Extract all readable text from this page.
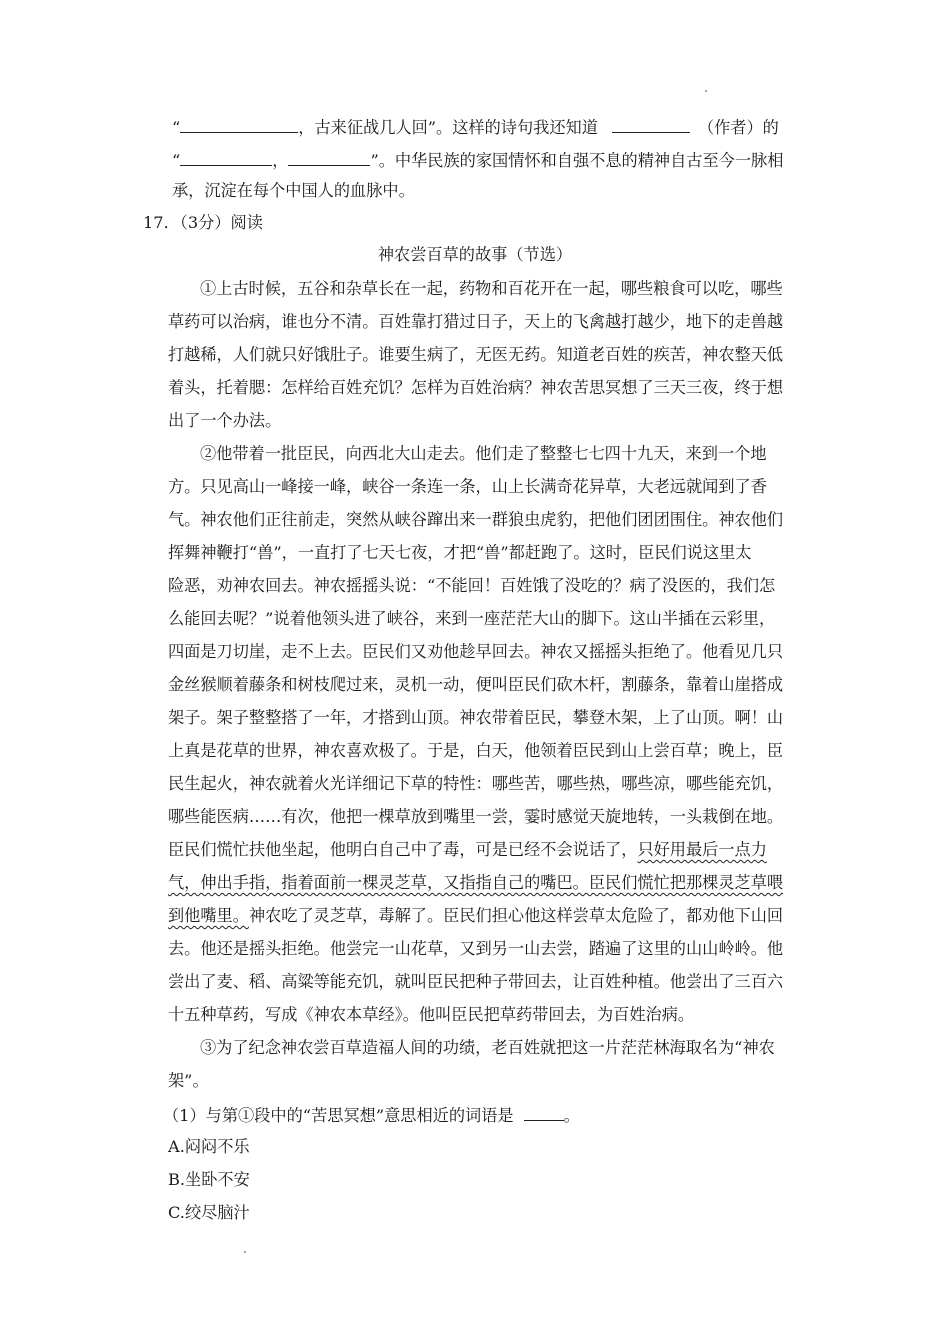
“	，古来征战几人回”。这样的诗句我还知道	（作者）的
“	，	”。中华民族的家国情怀和自强不息的精神自古至今一脉相
承，沉淀在每个中国人的血脉中。
17．（3分）阅读
神农尝百草的故事（节选）
①上古时候，五谷和杂草长在一起，药物和百花开在一起，哪些粮食可以吃，哪些
草药可以治病，谁也分不清。百姓靠打猎过日子，天上的飞禽越打越少，地下的走兽越
打越稀，人们就只好饿肚子。谁要生病了，无医无药。知道老百姓的疾苦，神农整天低
着头，托着腮：怎样给百姓充饥？怎样为百姓治病？神农苦思冥想了三天三夜，终于想
出了一个办法。
②他带着一批臣民，向西北大山走去。他们走了整整七七四十九天，来到一个地
方。只见高山一峰接一峰，峡谷一条连一条，山上长满奇花异草，大老远就闻到了香
气。神农他们正往前走，突然从峡谷蹿出来一群狼虫虎豹，把他们团团围住。神农他们
挥舞神鞭打“兽”，一直打了七天七夜，才把“兽”都赶跑了。这时，臣民们说这里太
险恶，劝神农回去。神农摇摇头说：“不能回！百姓饿了没吃的？病了没医的，我们怎
么能回去呢？”说着他领头进了峡谷，来到一座茫茫大山的脚下。这山半插在云彩里，
四面是刀切崖，走不上去。臣民们又劝他趁早回去。神农又摇摇头拒绝了。他看见几只
金丝猴顺着藤条和树枝爬过来，灵机一动，便叫臣民们砍木杆，割藤条，靠着山崖搭成
架子。架子整整搭了一年，才搭到山顶。神农带着臣民，攀登木架，上了山顶。啊！山
上真是花草的世界，神农喜欢极了。于是，白天，他领着臣民到山上尝百草；晚上，臣
民生起火，神农就着火光详细记下草的特性：哪些苦，哪些热，哪些凉，哪些能充饥，
哪些能医病……有次，他把一棵草放到嘴里一尝，霎时感觉天旋地转，一头栽倒在地。
臣民们慌忙扶他坐起，他明白自己中了毒，可是已经不会说话了，只好用最后一点力
气，伸出手指，指着面前一棵灵芝草，又指指自己的嘴巴。臣民们慌忙把那棵灵芝草喂
到他嘴里。神农吃了灵芝草，毒解了。臣民们担心他这样尝草太危险了，都劝他下山回
去。他还是摇头拒绝。他尝完一山花草，又到另一山去尝，踏遍了这里的山山岭岭。他
尝出了麦、稻、高粱等能充饥，就叫臣民把种子带回去，让百姓种植。他尝出了三百六
十五种草药，写成《神农本草经》。他叫臣民把草药带回去，为百姓治病。
③为了纪念神农尝百草造福人间的功绩，老百姓就把这一片茫茫林海取名为“神农
架”。
（1）与第①段中的“苦思冥想”意思相近的词语是	。
A.闷闷不乐
B.坐卧不安
C.绞尽脑汁
